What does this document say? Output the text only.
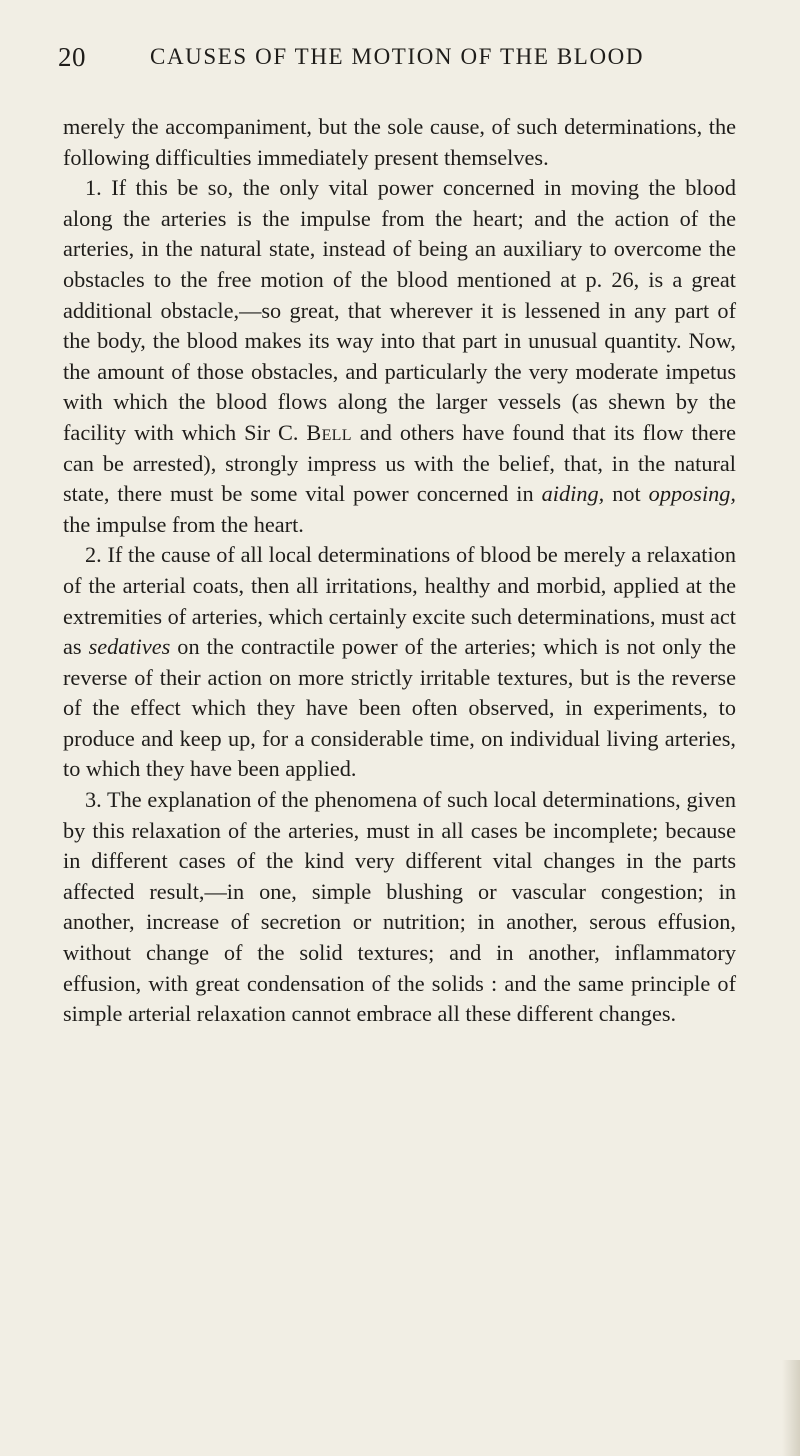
20	CAUSES OF THE MOTION OF THE BLOOD

merely the accompaniment, but the sole cause, of such determinations, the following difficulties immediately present themselves.

1. If this be so, the only vital power concerned in moving the blood along the arteries is the impulse from the heart; and the action of the arteries, in the natural state, instead of being an auxiliary to overcome the obstacles to the free motion of the blood mentioned at p. 26, is a great additional obstacle,—so great, that wherever it is lessened in any part of the body, the blood makes its way into that part in unusual quantity. Now, the amount of those obstacles, and particularly the very moderate impetus with which the blood flows along the larger vessels (as shewn by the facility with which Sir C. Bell and others have found that its flow there can be arrested), strongly impress us with the belief, that, in the natural state, there must be some vital power concerned in aiding, not opposing, the impulse from the heart.

2. If the cause of all local determinations of blood be merely a relaxation of the arterial coats, then all irritations, healthy and morbid, applied at the extremities of arteries, which certainly excite such determinations, must act as sedatives on the contractile power of the arteries; which is not only the reverse of their action on more strictly irritable textures, but is the reverse of the effect which they have been often observed, in experiments, to produce and keep up, for a considerable time, on individual living arteries, to which they have been applied.

3. The explanation of the phenomena of such local determinations, given by this relaxation of the arteries, must in all cases be incomplete; because in different cases of the kind very different vital changes in the parts affected result,—in one, simple blushing or vascular congestion; in another, increase of secretion or nutrition; in another, serous effusion, without change of the solid textures; and in another, inflammatory effusion, with great condensation of the solids : and the same principle of simple arterial relaxation cannot embrace all these different changes.
